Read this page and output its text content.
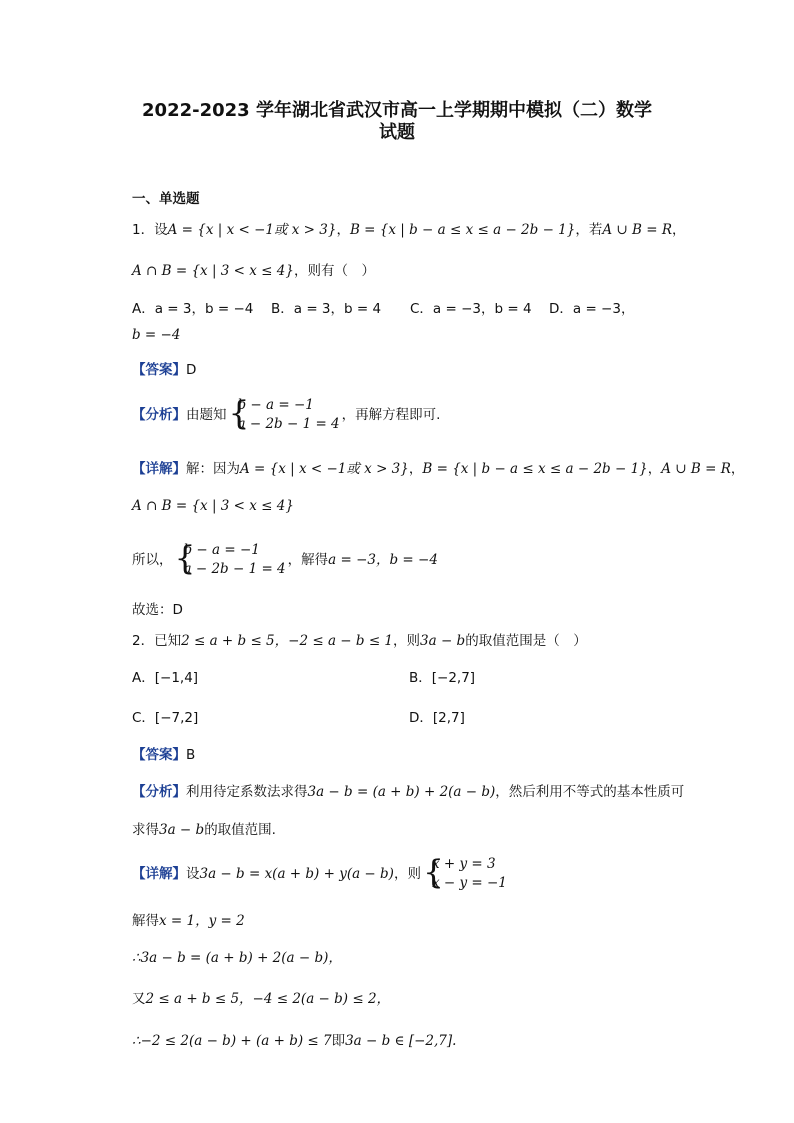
2022-2023 学年湖北省武汉市高一上学期期中模拟（二）数学
试题
一、单选题
1．设A = {x | x < −1或 x > 3}，B = {x | b − a ≤ x ≤ a − 2b − 1}，若A ∪ B = R，
A ∩ B = {x | 3 < x ≤ 4}，则有（　）
A．a = 3，b = −4 B．a = 3，b = 4 C．a = −3，b = 4 D．a = −3，
b = −4
【答案】D
【分析】由题知 {
b − a = −1
a − 2b − 1 = 4，再解方程即可.
【详解】解：因为A = {x | x < −1或 x > 3}，B = {x | b − a ≤ x ≤ a − 2b − 1}，A ∪ B = R，
A ∩ B = {x | 3 < x ≤ 4}
所以， {
b − a = −1
a − 2b − 1 = 4，解得a = −3，b = −4
故选：D
2．已知2 ≤ a + b ≤ 5，−2 ≤ a − b ≤ 1，则3a − b的取值范围是（　）
A．[−1,4]	B．[−2,7]
C．[−7,2]	D．[2,7]
【答案】B
【分析】利用待定系数法求得3a − b = (a + b) + 2(a − b)，然后利用不等式的基本性质可
求得3a − b的取值范围.
【详解】设3a − b = x(a + b) + y(a − b)，则 {
x + y = 3
x − y = −1
解得x = 1，y = 2
∴3a − b = (a + b) + 2(a − b)，
又2 ≤ a + b ≤ 5，−4 ≤ 2(a − b) ≤ 2，
∴−2 ≤ 2(a − b) + (a + b) ≤ 7即3a − b ∈ [−2,7].
